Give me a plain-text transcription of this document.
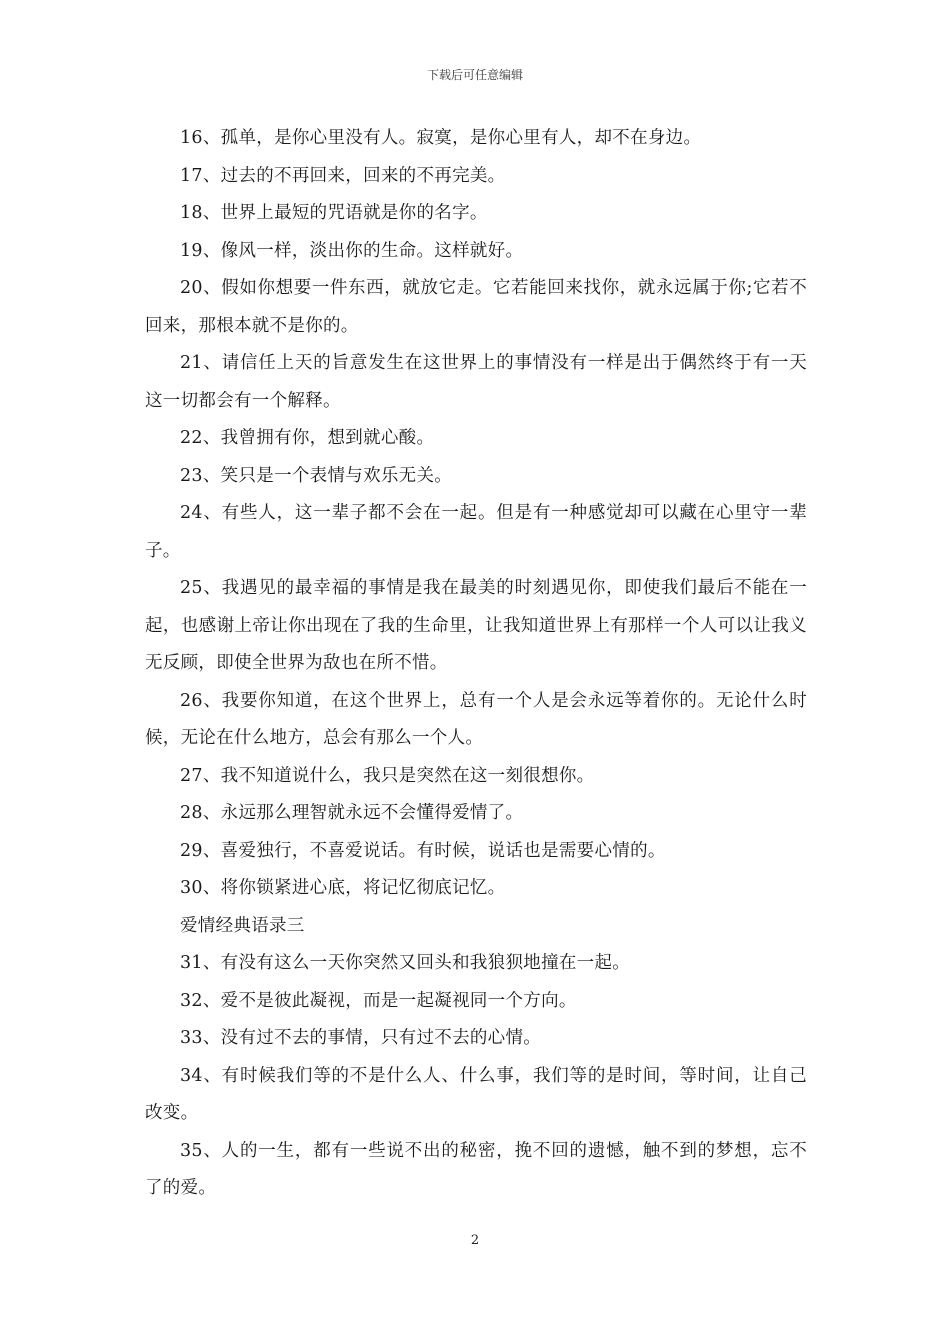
下载后可任意编辑

16、孤单，是你心里没有人。寂寞，是你心里有人，却不在身边。

17、过去的不再回来，回来的不再完美。

18、世界上最短的咒语就是你的名字。

19、像风一样，淡出你的生命。这样就好。

20、假如你想要一件东西，就放它走。它若能回来找你，就永远属于你;它若不回来，那根本就不是你的。

21、请信任上天的旨意发生在这世界上的事情没有一样是出于偶然终于有一天这一切都会有一个解释。

22、我曾拥有你，想到就心酸。

23、笑只是一个表情与欢乐无关。

24、有些人，这一辈子都不会在一起。但是有一种感觉却可以藏在心里守一辈子。

25、我遇见的最幸福的事情是我在最美的时刻遇见你，即使我们最后不能在一起，也感谢上帝让你出现在了我的生命里，让我知道世界上有那样一个人可以让我义无反顾，即使全世界为敌也在所不惜。

26、我要你知道，在这个世界上，总有一个人是会永远等着你的。无论什么时候，无论在什么地方，总会有那么一个人。

27、我不知道说什么，我只是突然在这一刻很想你。

28、永远那么理智就永远不会懂得爱情了。

29、喜爱独行，不喜爱说话。有时候，说话也是需要心情的。

30、将你锁紧进心底，将记忆彻底记忆。

爱情经典语录三

31、有没有这么一天你突然又回头和我狼狈地撞在一起。

32、爱不是彼此凝视，而是一起凝视同一个方向。

33、没有过不去的事情，只有过不去的心情。

34、有时候我们等的不是什么人、什么事，我们等的是时间，等时间，让自己改变。

35、人的一生，都有一些说不出的秘密，挽不回的遗憾，触不到的梦想，忘不了的爱。

2
